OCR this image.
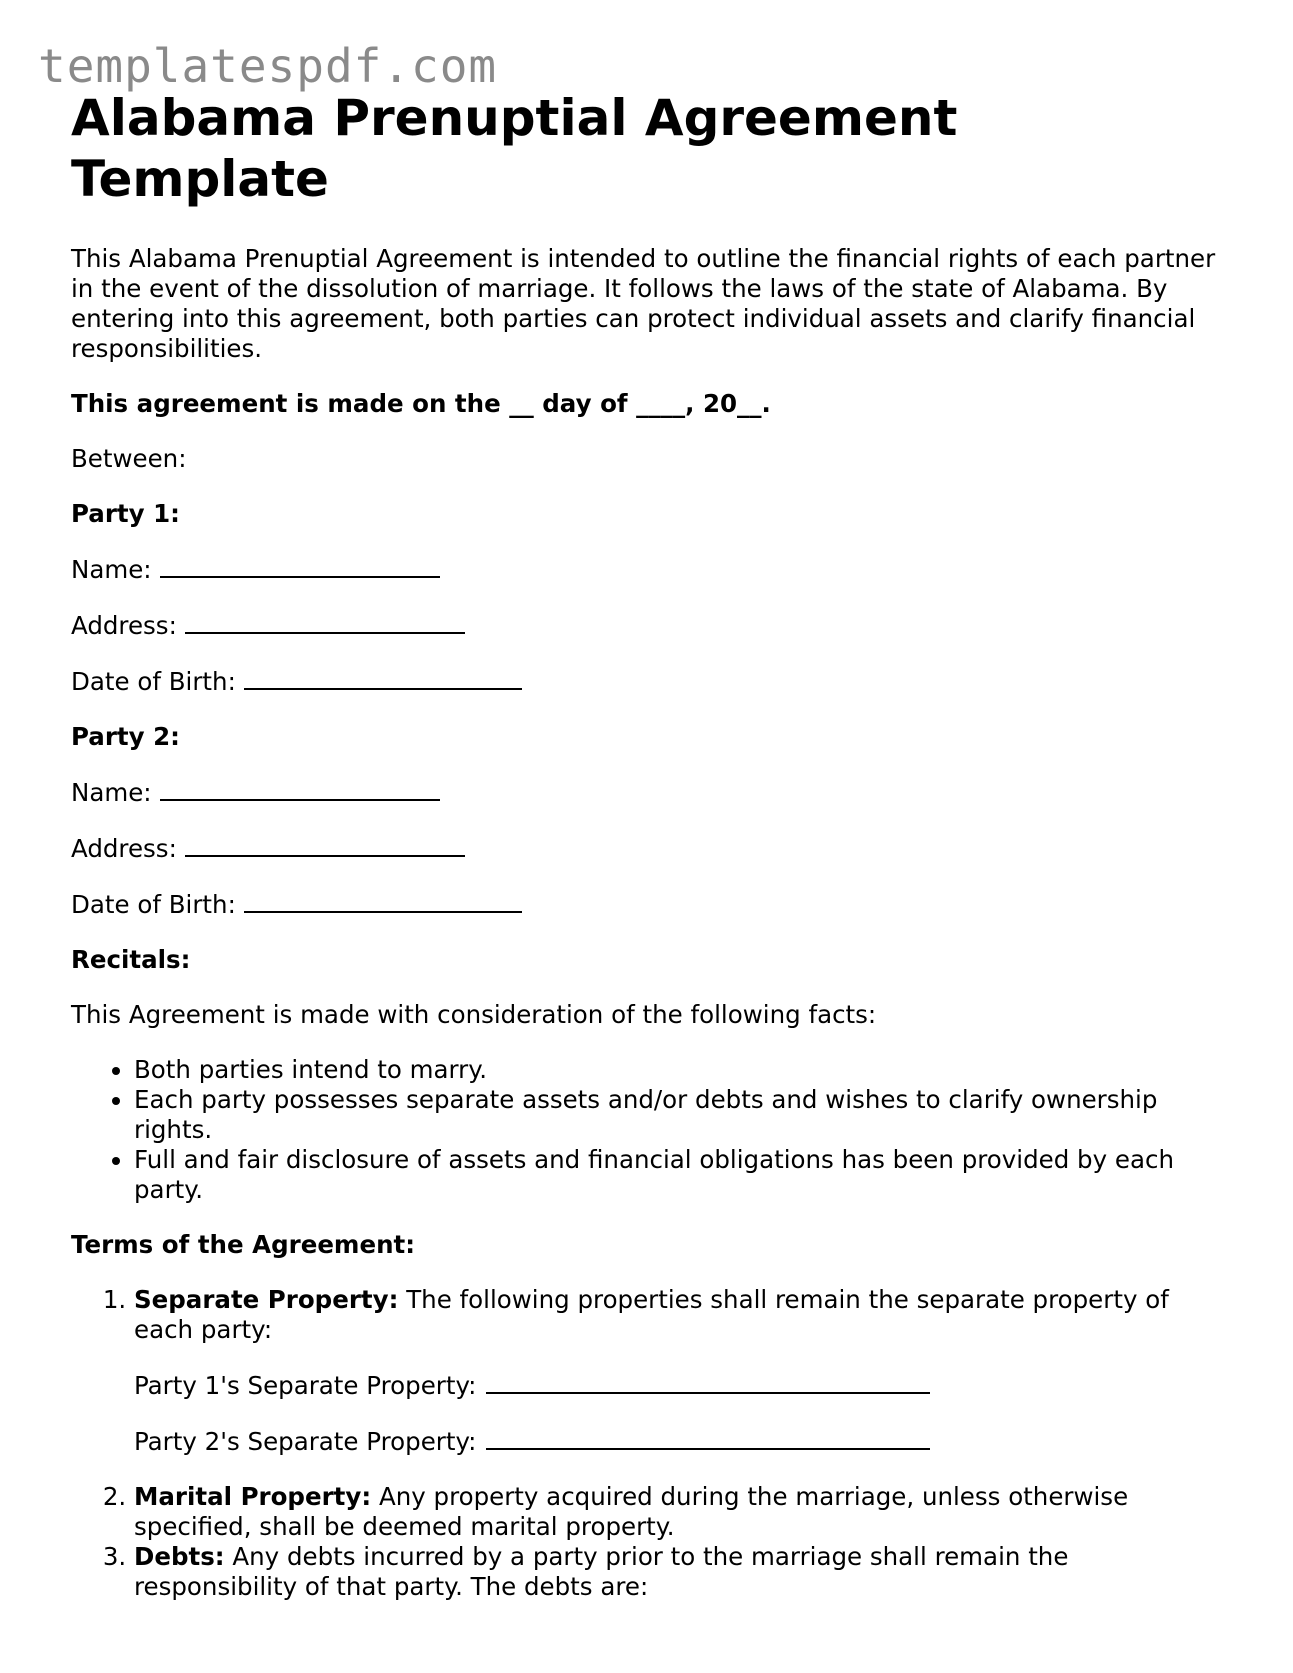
templatespdf.com
Alabama Prenuptial Agreement Template

This Alabama Prenuptial Agreement is intended to outline the financial rights of each partner in the event of the dissolution of marriage. It follows the laws of the state of Alabama. By entering into this agreement, both parties can protect individual assets and clarify financial responsibilities.

This agreement is made on the __ day of ____, 20__.

Between:

Party 1:

Name:

Address:

Date of Birth:

Party 2:

Name:

Address:

Date of Birth:

Recitals:

This Agreement is made with consideration of the following facts:

• Both parties intend to marry.
• Each party possesses separate assets and/or debts and wishes to clarify ownership rights.
• Full and fair disclosure of assets and financial obligations has been provided by each party.

Terms of the Agreement:

1. Separate Property: The following properties shall remain the separate property of each party:
Party 1's Separate Property:
Party 2's Separate Property:
2. Marital Property: Any property acquired during the marriage, unless otherwise specified, shall be deemed marital property.
3. Debts: Any debts incurred by a party prior to the marriage shall remain the responsibility of that party. The debts are:
